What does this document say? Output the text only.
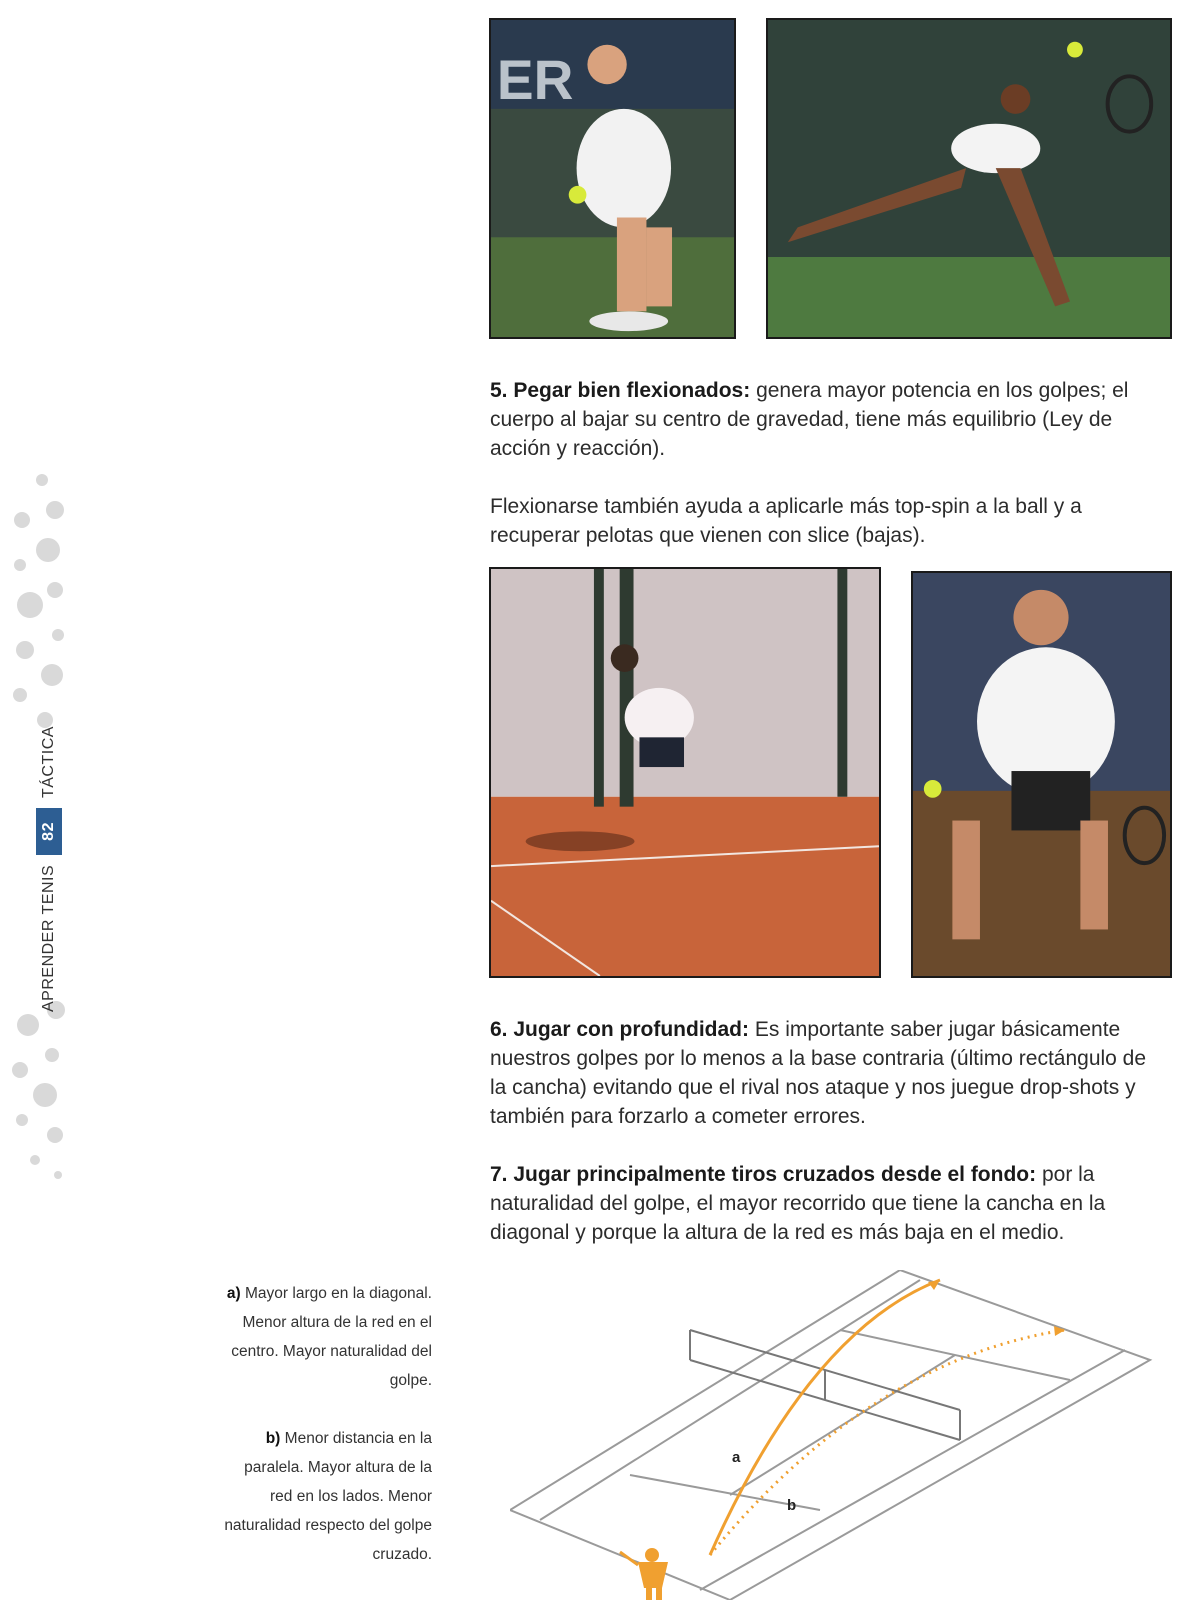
APRENDER TENIS
82
TÁCTICA
ER

5. Pegar bien flexionados: genera mayor potencia en los golpes; el cuerpo al bajar su centro de gravedad, tiene más equilibrio (Ley de acción y reacción).

Flexionarse también ayuda a aplicarle más top-spin a la ball y a recuperar pelotas que vienen con slice (bajas).

6. Jugar con profundidad: Es importante saber jugar básicamente nuestros golpes por lo menos a la base contraria (último rectángulo de la cancha) evitando que el rival nos ataque y nos juegue drop-shots y también para forzarlo a cometer errores.

7. Jugar principalmente tiros cruzados desde el fondo: por la naturalidad del golpe, el mayor recorrido que tiene la cancha en la diagonal y porque la altura de la red es más baja en el medio.

a) Mayor largo en la diagonal. Menor altura de la red en el centro. Mayor naturalidad del golpe.

b) Menor distancia en la paralela. Mayor altura de la red en los lados. Menor naturalidad respecto del golpe cruzado.

a
b
